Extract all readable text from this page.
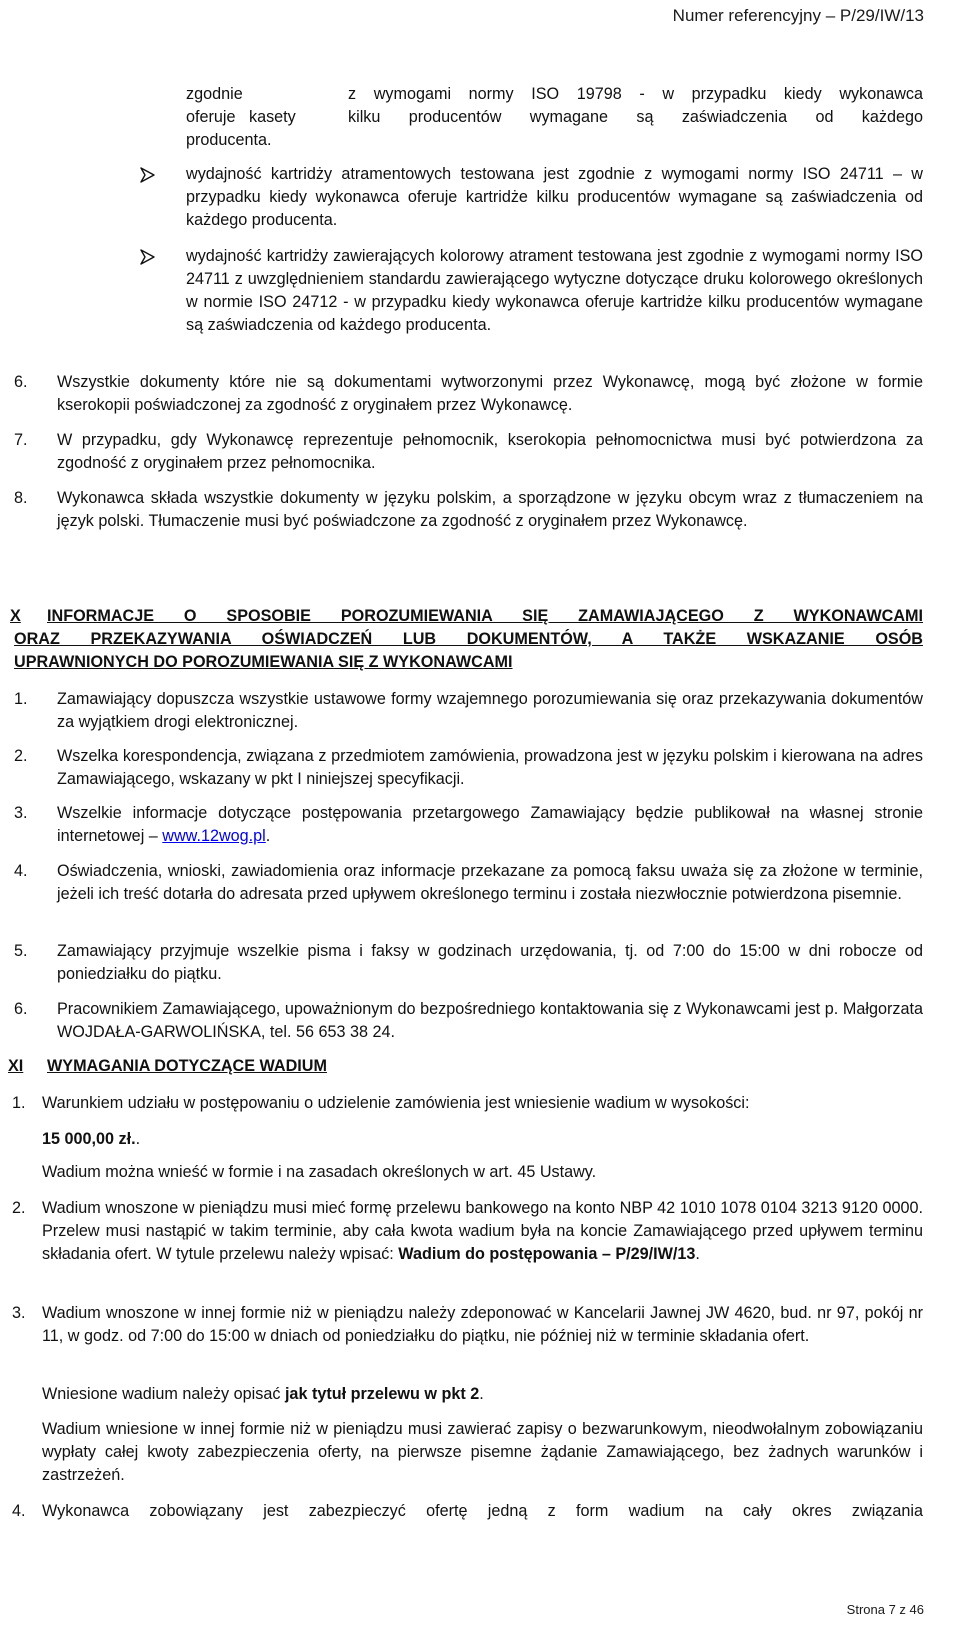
Numer referencyjny – P/29/IW/13
zgodnie	z wymogami normy ISO 19798 - w przypadku kiedy wykonawca
oferuje   kasety	kilku producentów wymagane są zaświadczenia od każdego
producenta.
wydajność kartridży atramentowych testowana jest zgodnie z wymogami normy ISO 24711 – w przypadku kiedy wykonawca oferuje kartridże kilku producentów wymagane są zaświadczenia od każdego producenta.
wydajność kartridży zawierających kolorowy atrament testowana jest zgodnie z wymogami normy ISO 24711 z uwzględnieniem standardu zawierającego wytyczne dotyczące druku kolorowego określonych w normie ISO 24712 - w przypadku kiedy wykonawca oferuje kartridże kilku producentów wymagane są zaświadczenia od każdego producenta.
6. Wszystkie dokumenty które nie są dokumentami wytworzonymi przez Wykonawcę, mogą być złożone w formie kserokopii poświadczonej za zgodność z oryginałem przez Wykonawcę.
7. W przypadku, gdy Wykonawcę reprezentuje pełnomocnik, kserokopia pełnomocnictwa musi być potwierdzona za zgodność z oryginałem przez pełnomocnika.
8. Wykonawca składa wszystkie dokumenty w języku polskim, a sporządzone w języku obcym wraz z tłumaczeniem na język polski. Tłumaczenie musi być poświadczone za zgodność z oryginałem przez Wykonawcę.
X INFORMACJE O SPOSOBIE POROZUMIEWANIA SIĘ ZAMAWIAJĄCEGO Z WYKONAWCAMI
ORAZ PRZEKAZYWANIA OŚWIADCZEŃ LUB DOKUMENTÓW, A TAKŻE WSKAZANIE OSÓB
UPRAWNIONYCH DO POROZUMIEWANIA SIĘ Z WYKONAWCAMI
1. Zamawiający dopuszcza wszystkie ustawowe formy wzajemnego porozumiewania się oraz przekazywania dokumentów za wyjątkiem drogi elektronicznej.
2. Wszelka korespondencja, związana z przedmiotem zamówienia, prowadzona jest w języku polskim i kierowana na adres Zamawiającego, wskazany w pkt I niniejszej specyfikacji.
3. Wszelkie informacje dotyczące postępowania przetargowego Zamawiający będzie publikował na własnej stronie internetowej – www.12wog.pl.
4. Oświadczenia, wnioski, zawiadomienia oraz informacje przekazane za pomocą faksu uważa się za złożone w terminie, jeżeli ich treść dotarła do adresata przed upływem określonego terminu i została niezwłocznie potwierdzona pisemnie.
5. Zamawiający przyjmuje wszelkie pisma i faksy w godzinach urzędowania, tj. od 7:00 do 15:00 w dni robocze od poniedziałku do piątku.
6. Pracownikiem Zamawiającego, upoważnionym do bezpośredniego kontaktowania się z Wykonawcami jest p. Małgorzata WOJDAŁA-GARWOLIŃSKA, tel. 56 653 38 24.
XI WYMAGANIA DOTYCZĄCE WADIUM
1. Warunkiem udziału w postępowaniu o udzielenie zamówienia jest wniesienie wadium w wysokości:
15 000,00 zł..
Wadium można wnieść w formie i na zasadach określonych w art. 45 Ustawy.
2. Wadium wnoszone w pieniądzu musi mieć formę przelewu bankowego na konto NBP 42 1010 1078 0104 3213 9120 0000. Przelew musi nastąpić w takim terminie, aby cała kwota wadium była na koncie Zamawiającego przed upływem terminu składania ofert. W tytule przelewu należy wpisać: Wadium do postępowania – P/29/IW/13.
3. Wadium wnoszone w innej formie niż w pieniądzu należy zdeponować w Kancelarii Jawnej JW 4620, bud. nr 97, pokój nr 11, w godz. od 7:00 do 15:00 w dniach od poniedziałku do piątku, nie później niż w terminie składania ofert.
Wniesione wadium należy opisać jak tytuł przelewu w pkt 2.
Wadium wniesione w innej formie niż w pieniądzu musi zawierać zapisy o bezwarunkowym, nieodwołalnym zobowiązaniu wypłaty całej kwoty zabezpieczenia oferty, na pierwsze pisemne żądanie Zamawiającego, bez żadnych warunków i zastrzeżeń.
4. Wykonawca zobowiązany jest zabezpieczyć ofertę jedną z form wadium na cały okres związania
Strona 7 z 46
